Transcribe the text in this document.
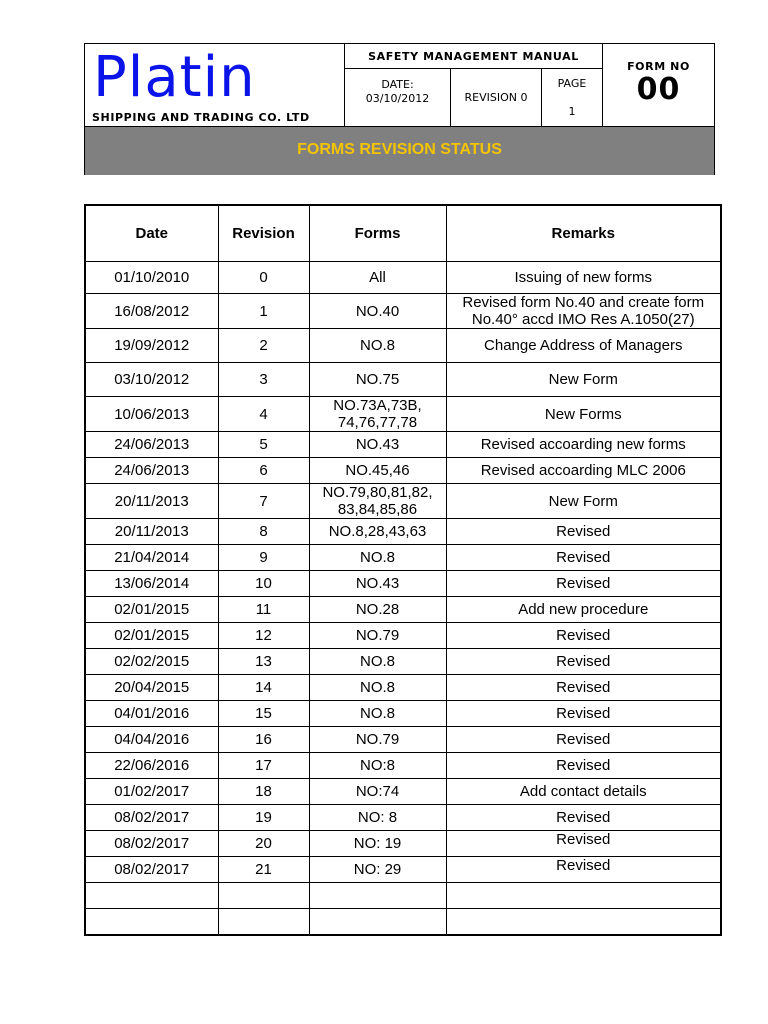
Platin
SHIPPING AND TRADING CO. LTD
SAFETY MANAGEMENT MANUAL
DATE:
03/10/2012	REVISION 0
PAGE
1
FORM NO
00
FORMS REVISION STATUS
Date	Revision	Forms	Remarks
01/10/2010	0	All	Issuing of new forms
16/08/2012	1	NO.40	Revised form No.40 and create form No.40° accd IMO Res A.1050(27)
19/09/2012	2	NO.8	Change Address of Managers
03/10/2012	3	NO.75	New Form
10/06/2013	4	NO.73A,73B, 74,76,77,78	New Forms
24/06/2013	5	NO.43	Revised accoarding new forms
24/06/2013	6	NO.45,46	Revised accoarding MLC 2006
20/11/2013	7	NO.79,80,81,82, 83,84,85,86	New Form
20/11/2013	8	NO.8,28,43,63	Revised
21/04/2014	9	NO.8	Revised
13/06/2014	10	NO.43	Revised
02/01/2015	11	NO.28	Add new procedure
02/01/2015	12	NO.79	Revised
02/02/2015	13	NO.8	Revised
20/04/2015	14	NO.8	Revised
04/01/2016	15	NO.8	Revised
04/04/2016	16	NO.79	Revised
22/06/2016	17	NO:8	Revised
01/02/2017	18	NO:74	Add contact details
08/02/2017	19	NO: 8	Revised
08/02/2017	20	NO: 19	Revised
08/02/2017	21	NO: 29	Revised
